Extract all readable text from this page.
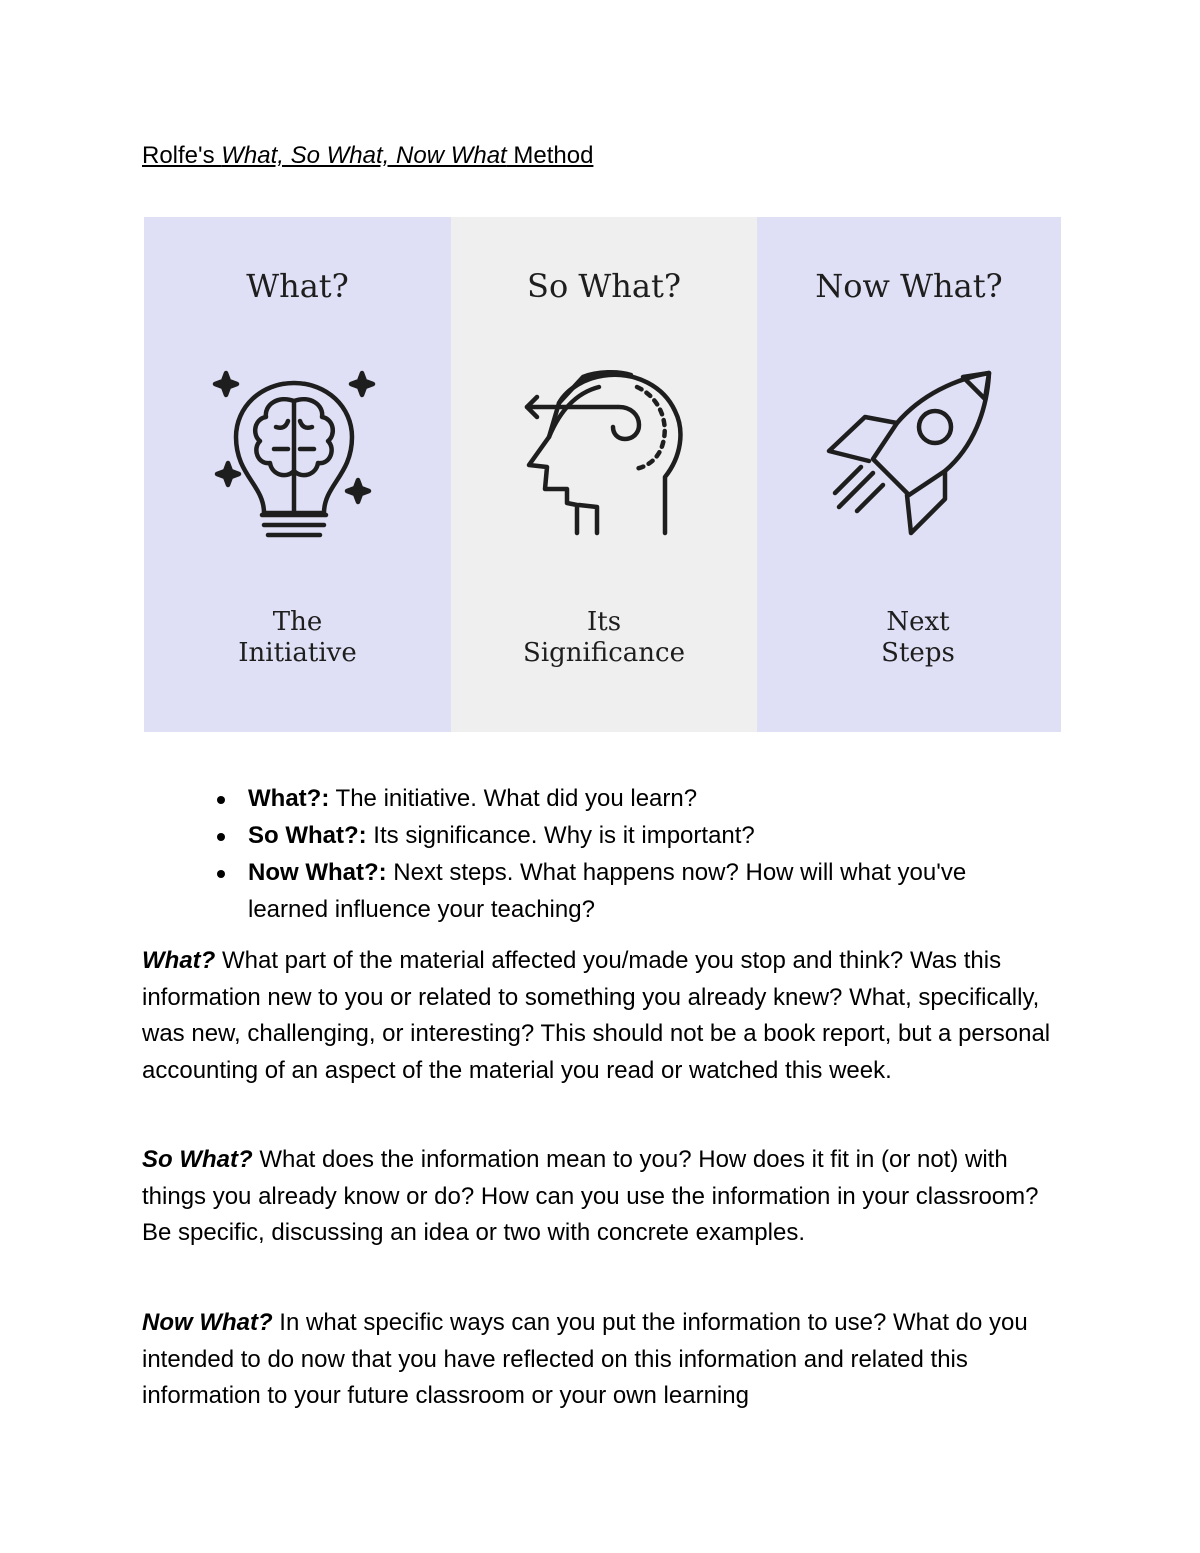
Rolfe's What, So What, Now What Method
What?
The
Initiative
So What?
Its
Significance
Now What?
Next
Steps
What?: The initiative. What did you learn?
So What?: Its significance. Why is it important?
Now What?: Next steps. What happens now? How will what you've learned influence your teaching?
What? What part of the material affected you/made you stop and think? Was this information new to you or related to something you already knew? What, specifically, was new, challenging, or interesting? This should not be a book report, but a personal accounting of an aspect of the material you read or watched this week.
So What? What does the information mean to you? How does it fit in (or not) with things you already know or do? How can you use the information in your classroom? Be specific, discussing an idea or two with concrete examples.
Now What? In what specific ways can you put the information to use? What do you intended to do now that you have reflected on this information and related this information to your future classroom or your own learning
